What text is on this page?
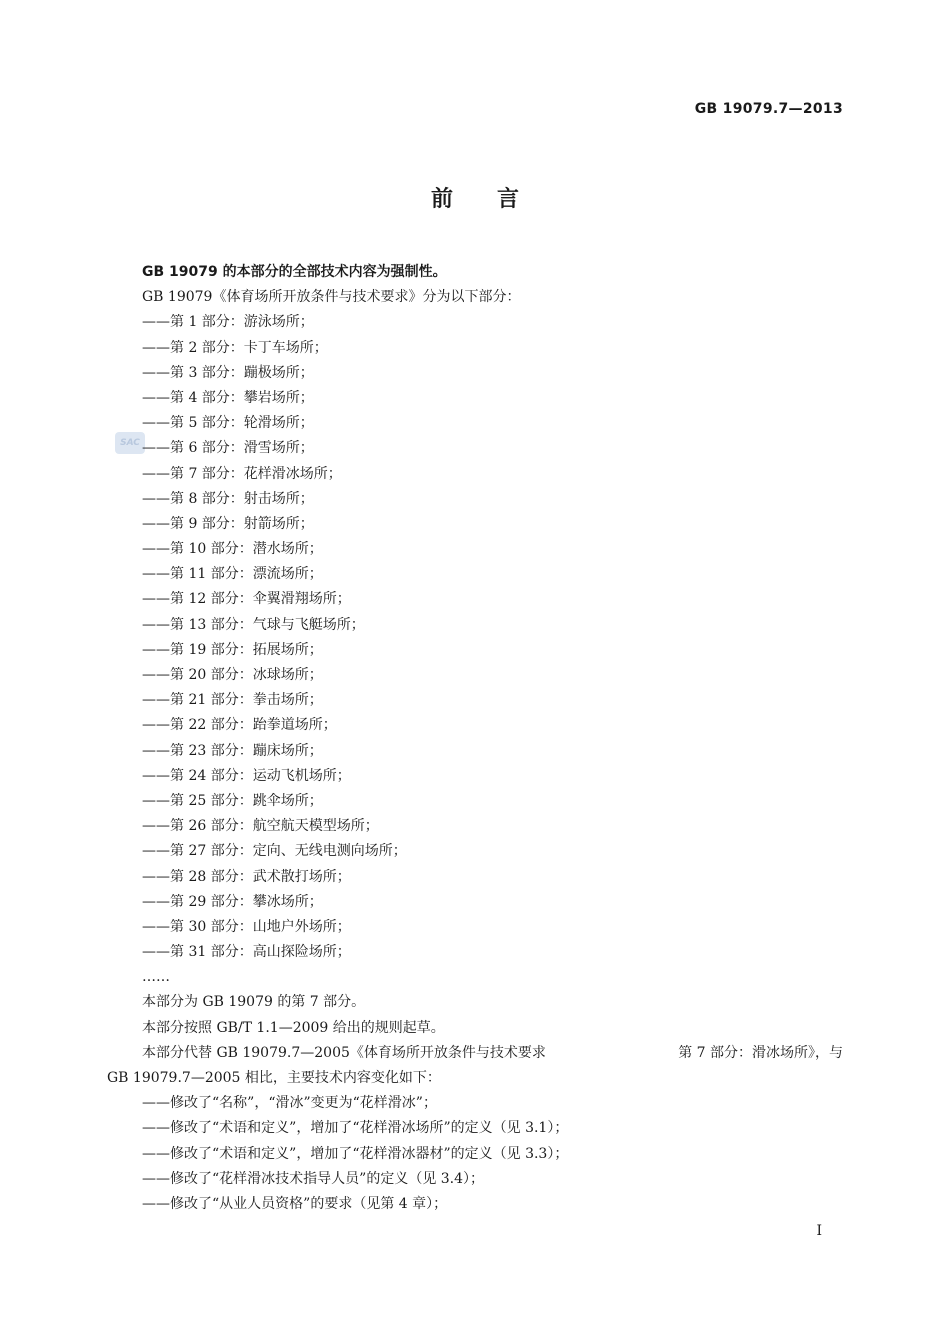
GB 19079.7—2013
前言
SAC
GB 19079 的本部分的全部技术内容为强制性。
GB 19079《体育场所开放条件与技术要求》分为以下部分：
——第 1 部分：游泳场所；
——第 2 部分：卡丁车场所；
——第 3 部分：蹦极场所；
——第 4 部分：攀岩场所；
——第 5 部分：轮滑场所；
——第 6 部分：滑雪场所；
——第 7 部分：花样滑冰场所；
——第 8 部分：射击场所；
——第 9 部分：射箭场所；
——第 10 部分：潜水场所；
——第 11 部分：漂流场所；
——第 12 部分：伞翼滑翔场所；
——第 13 部分：气球与飞艇场所；
——第 19 部分：拓展场所；
——第 20 部分：冰球场所；
——第 21 部分：拳击场所；
——第 22 部分：跆拳道场所；
——第 23 部分：蹦床场所；
——第 24 部分：运动飞机场所；
——第 25 部分：跳伞场所；
——第 26 部分：航空航天模型场所；
——第 27 部分：定向、无线电测向场所；
——第 28 部分：武术散打场所；
——第 29 部分：攀冰场所；
——第 30 部分：山地户外场所；
——第 31 部分：高山探险场所；
……
本部分为 GB 19079 的第 7 部分。
本部分按照 GB/T 1.1—2009 给出的规则起草。
本部分代替 GB 19079.7—2005《体育场所开放条件与技术要求	第 7 部分：滑冰场所》，与
GB 19079.7—2005 相比，主要技术内容变化如下：
——修改了“名称”，“滑冰”变更为“花样滑冰”；
——修改了“术语和定义”，增加了“花样滑冰场所”的定义（见 3.1）；
——修改了“术语和定义”，增加了“花样滑冰器材”的定义（见 3.3）；
——修改了“花样滑冰技术指导人员”的定义（见 3.4）；
——修改了“从业人员资格”的要求（见第 4 章）；
I
